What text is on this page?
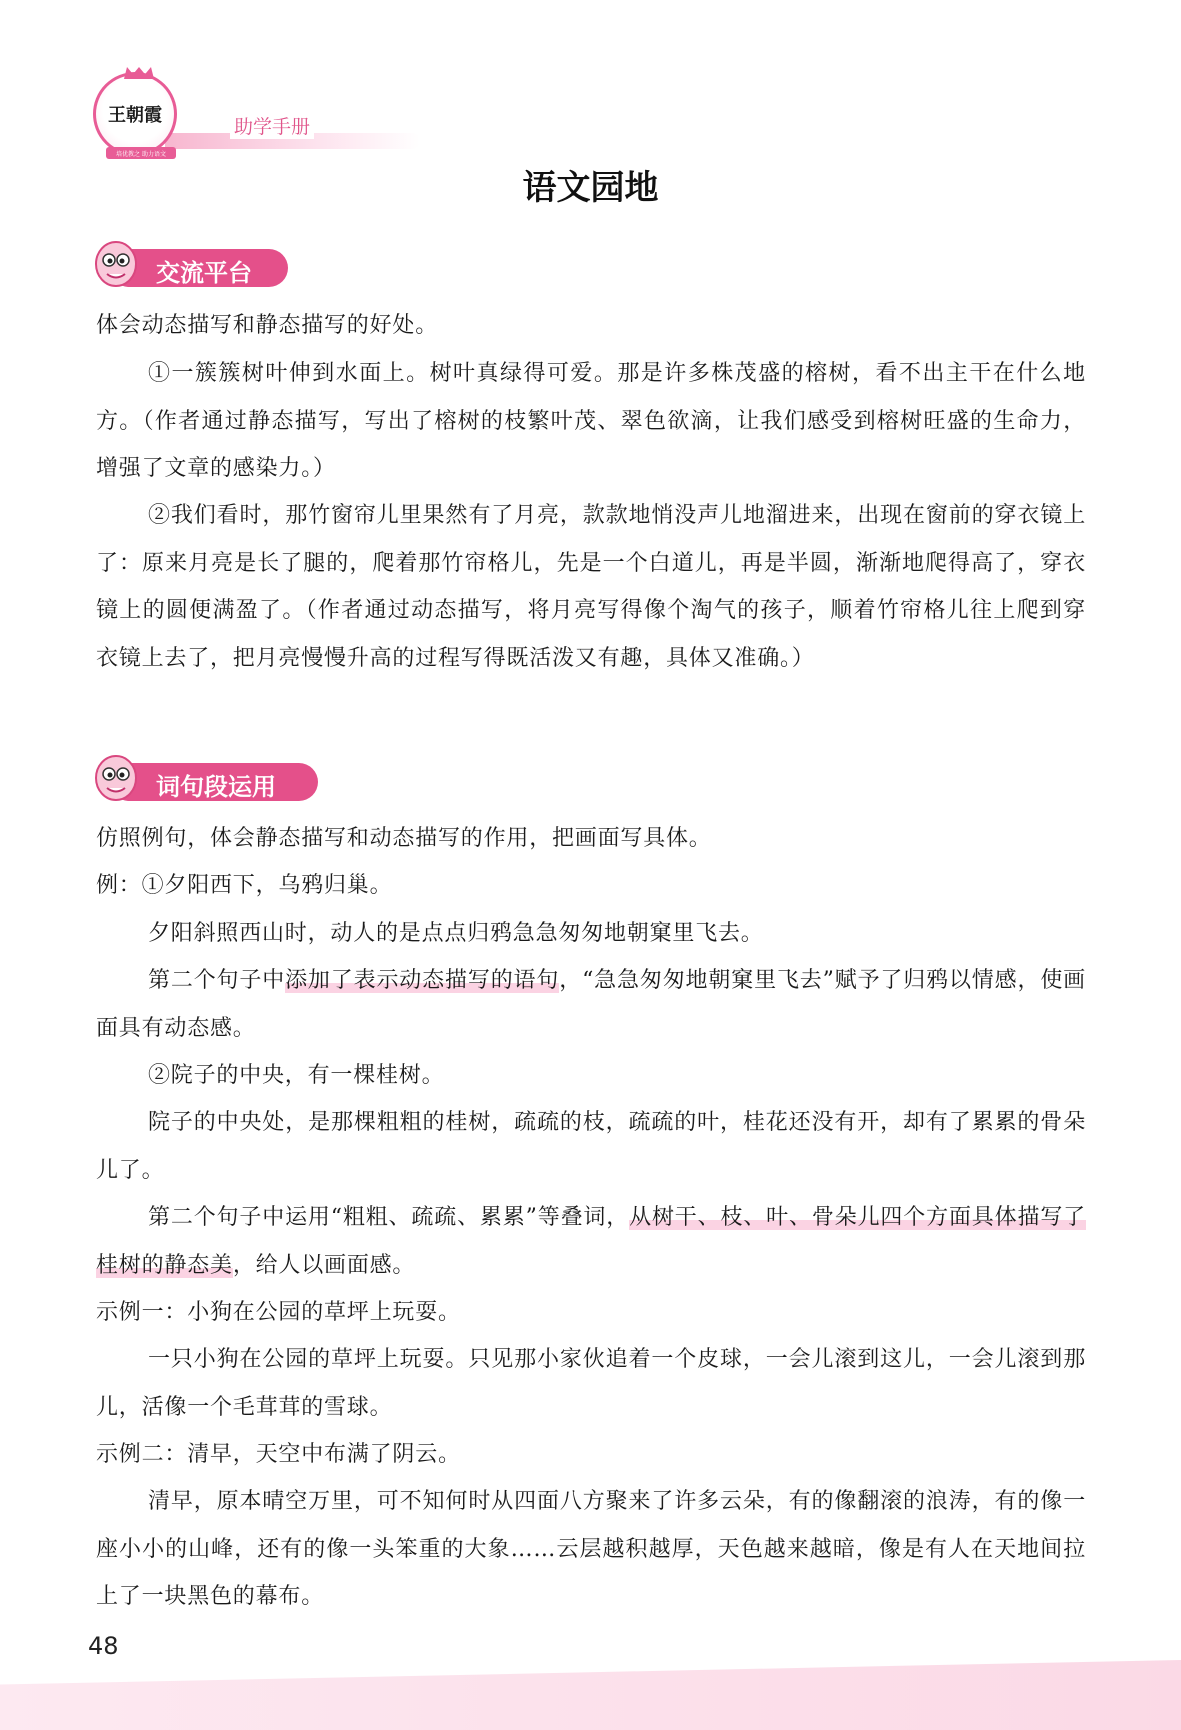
王朝霞
培优教之 助力语文
助学手册
语文园地
交流平台

体会动态描写和静态描写的好处。

①一簇簇树叶伸到水面上。树叶真绿得可爱。那是许多株茂盛的榕树，看不出主干在什么地方。（作者通过静态描写，写出了榕树的枝繁叶茂、翠色欲滴，让我们感受到榕树旺盛的生命力，增强了文章的感染力。）

②我们看时，那竹窗帘儿里果然有了月亮，款款地悄没声儿地溜进来，出现在窗前的穿衣镜上了：原来月亮是长了腿的，爬着那竹帘格儿，先是一个白道儿，再是半圆，渐渐地爬得高了，穿衣镜上的圆便满盈了。（作者通过动态描写，将月亮写得像个淘气的孩子，顺着竹帘格儿往上爬到穿衣镜上去了，把月亮慢慢升高的过程写得既活泼又有趣，具体又准确。）

词句段运用

仿照例句，体会静态描写和动态描写的作用，把画面写具体。

例：①夕阳西下，乌鸦归巢。

夕阳斜照西山时，动人的是点点归鸦急急匆匆地朝窠里飞去。

第二个句子中添加了表示动态描写的语句，“急急匆匆地朝窠里飞去”赋予了归鸦以情感，使画面具有动态感。

②院子的中央，有一棵桂树。

院子的中央处，是那棵粗粗的桂树，疏疏的枝，疏疏的叶，桂花还没有开，却有了累累的骨朵儿了。

第二个句子中运用“粗粗、疏疏、累累”等叠词，从树干、枝、叶、骨朵儿四个方面具体描写了桂树的静态美，给人以画面感。

示例一：小狗在公园的草坪上玩耍。

一只小狗在公园的草坪上玩耍。只见那小家伙追着一个皮球，一会儿滚到这儿，一会儿滚到那儿，活像一个毛茸茸的雪球。

示例二：清早，天空中布满了阴云。

清早，原本晴空万里，可不知何时从四面八方聚来了许多云朵，有的像翻滚的浪涛，有的像一座小小的山峰，还有的像一头笨重的大象……云层越积越厚，天色越来越暗，像是有人在天地间拉上了一块黑色的幕布。

48
